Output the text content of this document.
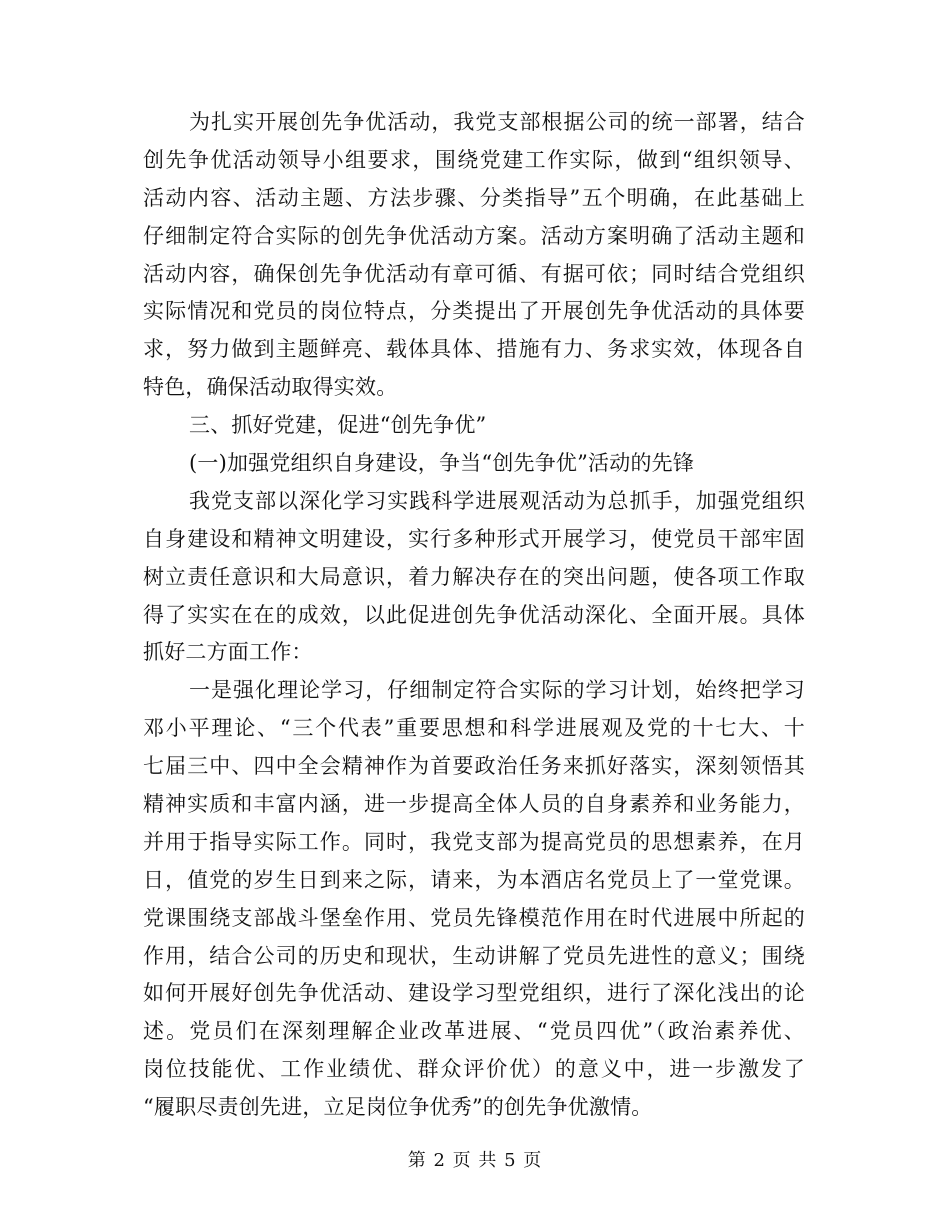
为扎实开展创先争优活动，我党支部根据公司的统一部署，结合
创先争优活动领导小组要求，围绕党建工作实际，做到“组织领导、
活动内容、活动主题、方法步骤、分类指导”五个明确，在此基础上
仔细制定符合实际的创先争优活动方案。活动方案明确了活动主题和
活动内容，确保创先争优活动有章可循、有据可依；同时结合党组织
实际情况和党员的岗位特点，分类提出了开展创先争优活动的具体要
求，努力做到主题鲜亮、载体具体、措施有力、务求实效，体现各自
特色，确保活动取得实效。
三、抓好党建，促进“创先争优”
(一)加强党组织自身建设，争当“创先争优”活动的先锋
我党支部以深化学习实践科学进展观活动为总抓手，加强党组织
自身建设和精神文明建设，实行多种形式开展学习，使党员干部牢固
树立责任意识和大局意识，着力解决存在的突出问题，使各项工作取
得了实实在在的成效，以此促进创先争优活动深化、全面开展。具体
抓好二方面工作：
一是强化理论学习，仔细制定符合实际的学习计划，始终把学习
邓小平理论、“三个代表”重要思想和科学进展观及党的十七大、十
七届三中、四中全会精神作为首要政治任务来抓好落实，深刻领悟其
精神实质和丰富内涵，进一步提高全体人员的自身素养和业务能力，
并用于指导实际工作。同时，我党支部为提高党员的思想素养，在月
日，值党的岁生日到来之际，请来，为本酒店名党员上了一堂党课。
党课围绕支部战斗堡垒作用、党员先锋模范作用在时代进展中所起的
作用，结合公司的历史和现状，生动讲解了党员先进性的意义；围绕
如何开展好创先争优活动、建设学习型党组织，进行了深化浅出的论
述。党员们在深刻理解企业改革进展、“党员四优”（政治素养优、
岗位技能优、工作业绩优、群众评价优）的意义中，进一步激发了
“履职尽责创先进，立足岗位争优秀”的创先争优激情。
第 2 页 共 5 页
